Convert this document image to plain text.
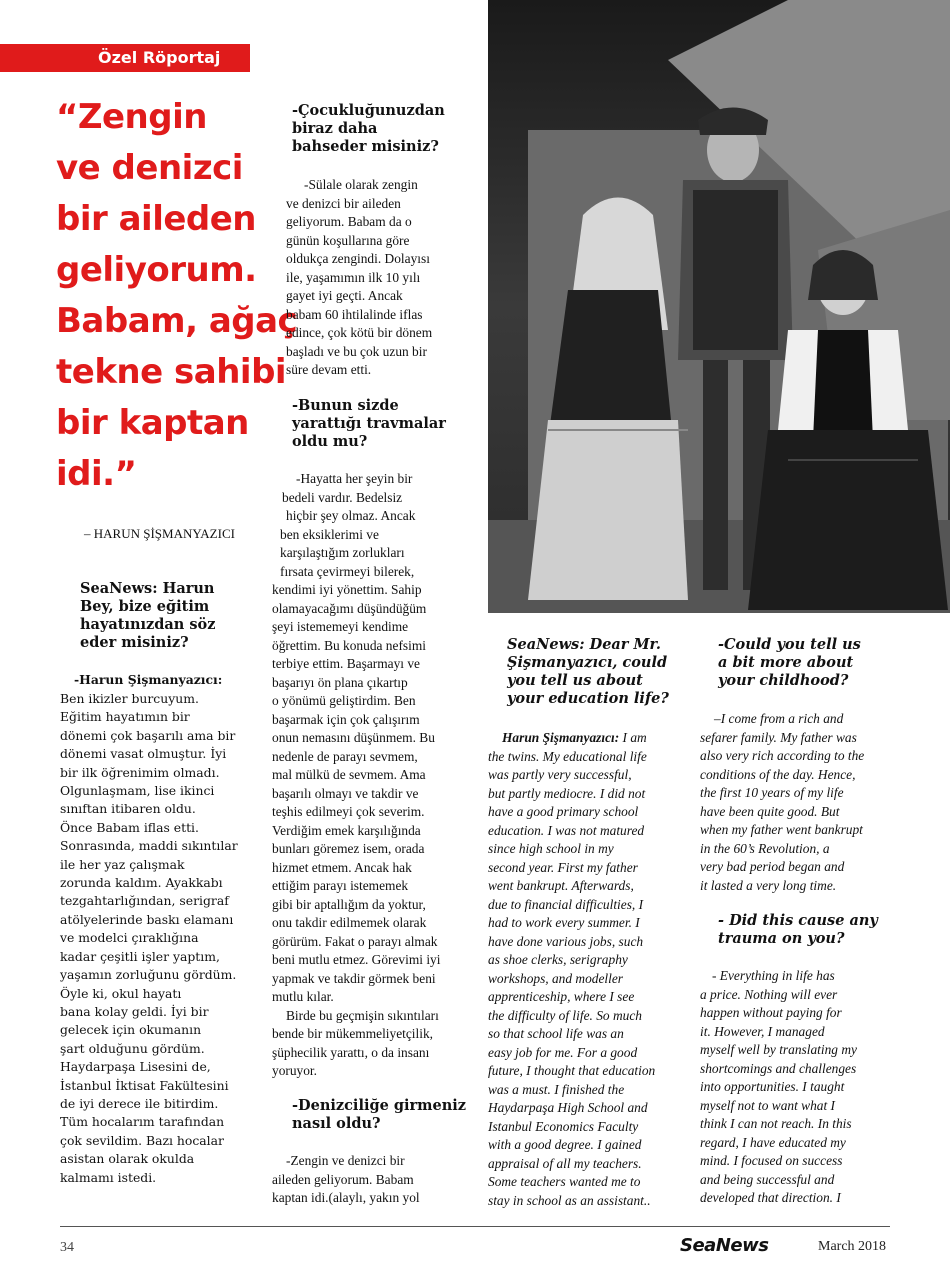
Özel Röportaj
“Zengin
ve denizci
bir aileden
geliyorum.
Babam, ağaç
tekne sahibi
bir kaptan
idi.”
– HARUN ŞİŞMANYAZICI
SeaNews: Harun
Bey, bize eğitim
hayatınızdan söz
eder misiniz?
-Harun Şişmanyazıcı:
Ben ikizler burcuyum.
Eğitim hayatımın bir
dönemi çok başarılı ama bir
dönemi vasat olmuştur. İyi
bir ilk öğrenimim olmadı.
Olgunlaşmam, lise ikinci
sınıftan itibaren oldu.
Önce Babam iflas etti.
Sonrasında, maddi sıkıntılar
ile her yaz çalışmak
zorunda kaldım. Ayakkabı
tezgahtarlığından, serigraf
atölyelerinde baskı elamanı
ve modelci çıraklığına
kadar çeşitli işler yaptım,
yaşamın zorluğunu gördüm.
Öyle ki, okul hayatı
bana kolay geldi. İyi bir
gelecek için okumanın
şart olduğunu gördüm.
Haydarpaşa Lisesini de,
İstanbul İktisat Fakültesini
de iyi derece ile bitirdim.
Tüm hocalarım tarafından
çok sevildim. Bazı hocalar
asistan olarak okulda
kalmamı istedi.
-Çocukluğunuzdan
biraz daha
bahseder misiniz?
-Sülale olarak zengin
ve denizci bir aileden
geliyorum. Babam da o
günün koşullarına göre
oldukça zengindi. Dolayısı
ile, yaşamımın ilk 10 yılı
gayet iyi geçti. Ancak
babam 60 ihtilalinde iflas
edince, çok kötü bir dönem
başladı ve bu çok uzun bir
süre devam etti.
-Bunun sizde
yarattığı travmalar
oldu mu?
-Hayatta her şeyin bir
bedeli vardır. Bedelsiz
hiçbir şey olmaz. Ancak
ben eksiklerimi ve
karşılaştığım zorlukları
fırsata çevirmeyi bilerek,
kendimi iyi yönettim. Sahip
olamayacağımı düşündüğüm
şeyi istememeyi kendime
öğrettim. Bu konuda nefsimi
terbiye ettim. Başarmayı ve
başarıyı ön plana çıkartıp
o yönümü geliştirdim. Ben
başarmak için çok çalışırım
onun nemasını düşünmem. Bu
nedenle de parayı sevmem,
mal mülkü de sevmem. Ama
başarılı olmayı ve takdir ve
teşhis edilmeyi çok severim.
Verdiğim emek karşılığında
bunları göremez isem, orada
hizmet etmem. Ancak hak
ettiğim parayı istememek
gibi bir aptallığım da yoktur,
onu takdir edilmemek olarak
görürüm. Fakat o parayı almak
beni mutlu etmez. Görevimi iyi
yapmak ve takdir görmek beni
mutlu kılar.
Birde bu geçmişin sıkıntıları
bende bir mükemmeliyetçilik,
şüphecilik yarattı, o da insanı
yoruyor.
-Denizciliğe girmeniz
nasıl oldu?
-Zengin ve denizci bir
aileden geliyorum. Babam
kaptan idi.(alaylı, yakın yol
SeaNews: Dear Mr.
Şişmanyazıcı, could
you tell us about
your education life?
Harun Şişmanyazıcı: I am
the twins. My educational life
was partly very successful,
but partly mediocre. I did not
have a good primary school
education. I was not matured
since high school in my
second year. First my father
went bankrupt. Afterwards,
due to financial difficulties, I
had to work every summer. I
have done various jobs, such
as shoe clerks, serigraphy
workshops, and modeller
apprenticeship, where I see
the difficulty of life. So much
so that school life was an
easy job for me. For a good
future, I thought that education
was a must. I finished the
Haydarpaşa High School and
Istanbul Economics Faculty
with a good degree. I gained
appraisal of all my teachers.
Some teachers wanted me to
stay in school as an assistant..
-Could you tell us
a bit more about
your childhood?
–I come from a rich and
sefarer family. My father was
also very rich according to the
conditions of the day. Hence,
the first 10 years of my life
have been quite good. But
when my father went bankrupt
in the 60’s Revolution, a
very bad period began and
it lasted a very long time.
- Did this cause any
trauma on you?
- Everything in life has
a price. Nothing will ever
happen without paying for
it. However, I managed
myself well by translating my
shortcomings and challenges
into opportunities. I taught
myself not to want what I
think I can not reach. In this
regard, I have educated my
mind. I focused on success
and being successful and
developed that direction. I
34	SeaNews	March 2018
